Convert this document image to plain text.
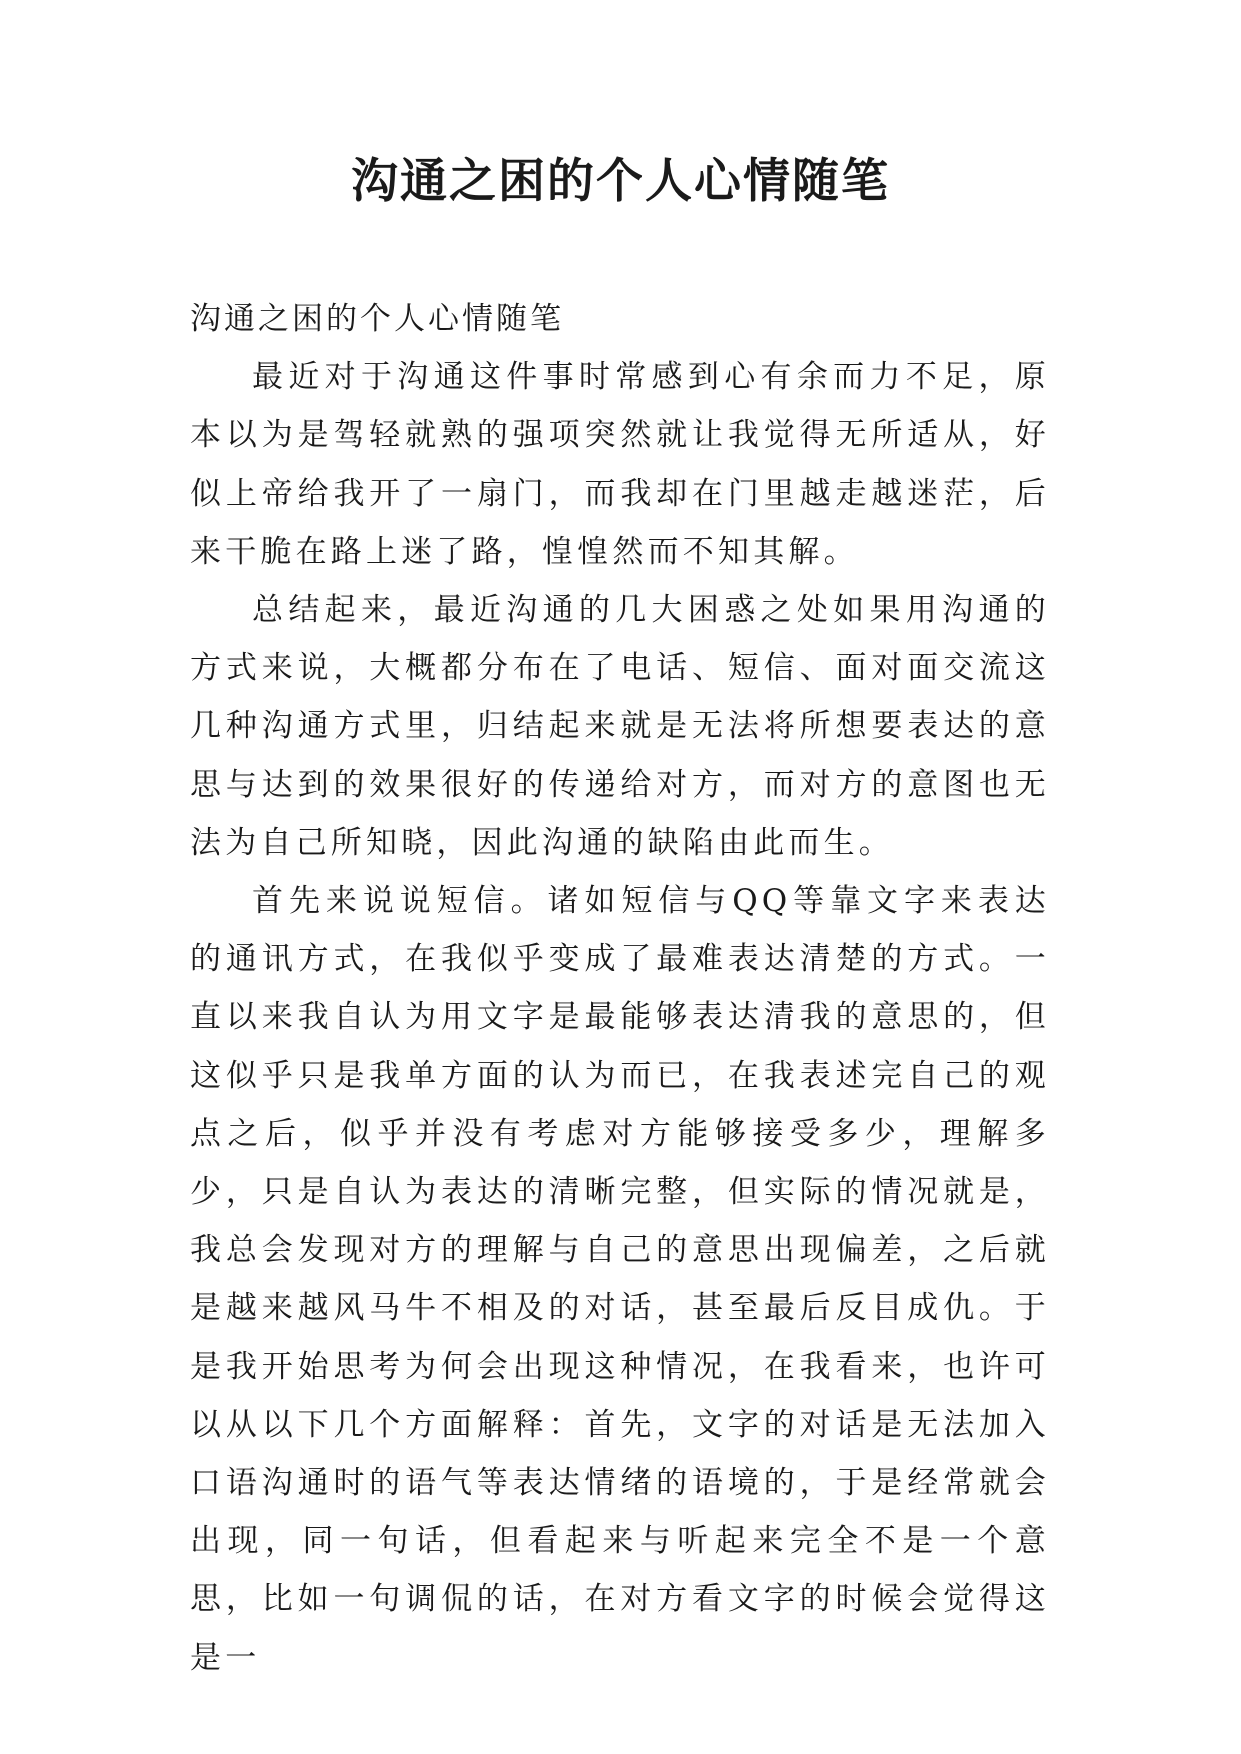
沟通之困的个人心情随笔

沟通之困的个人心情随笔

最近对于沟通这件事时常感到心有余而力不足，原本以为是驾轻就熟的强项突然就让我觉得无所适从，好似上帝给我开了一扇门，而我却在门里越走越迷茫，后来干脆在路上迷了路，惶惶然而不知其解。

总结起来，最近沟通的几大困惑之处如果用沟通的方式来说，大概都分布在了电话、短信、面对面交流这几种沟通方式里，归结起来就是无法将所想要表达的意思与达到的效果很好的传递给对方，而对方的意图也无法为自己所知晓，因此沟通的缺陷由此而生。

首先来说说短信。诸如短信与QQ等靠文字来表达的通讯方式，在我似乎变成了最难表达清楚的方式。一直以来我自认为用文字是最能够表达清我的意思的，但这似乎只是我单方面的认为而已，在我表述完自己的观点之后，似乎并没有考虑对方能够接受多少，理解多少，只是自认为表达的清晰完整，但实际的情况就是，我总会发现对方的理解与自己的意思出现偏差，之后就是越来越风马牛不相及的对话，甚至最后反目成仇。于是我开始思考为何会出现这种情况，在我看来，也许可以从以下几个方面解释：首先，文字的对话是无法加入口语沟通时的语气等表达情绪的语境的，于是经常就会出现，同一句话，但看起来与听起来完全不是一个意思，比如一句调侃的话，在对方看文字的时候会觉得这是一
